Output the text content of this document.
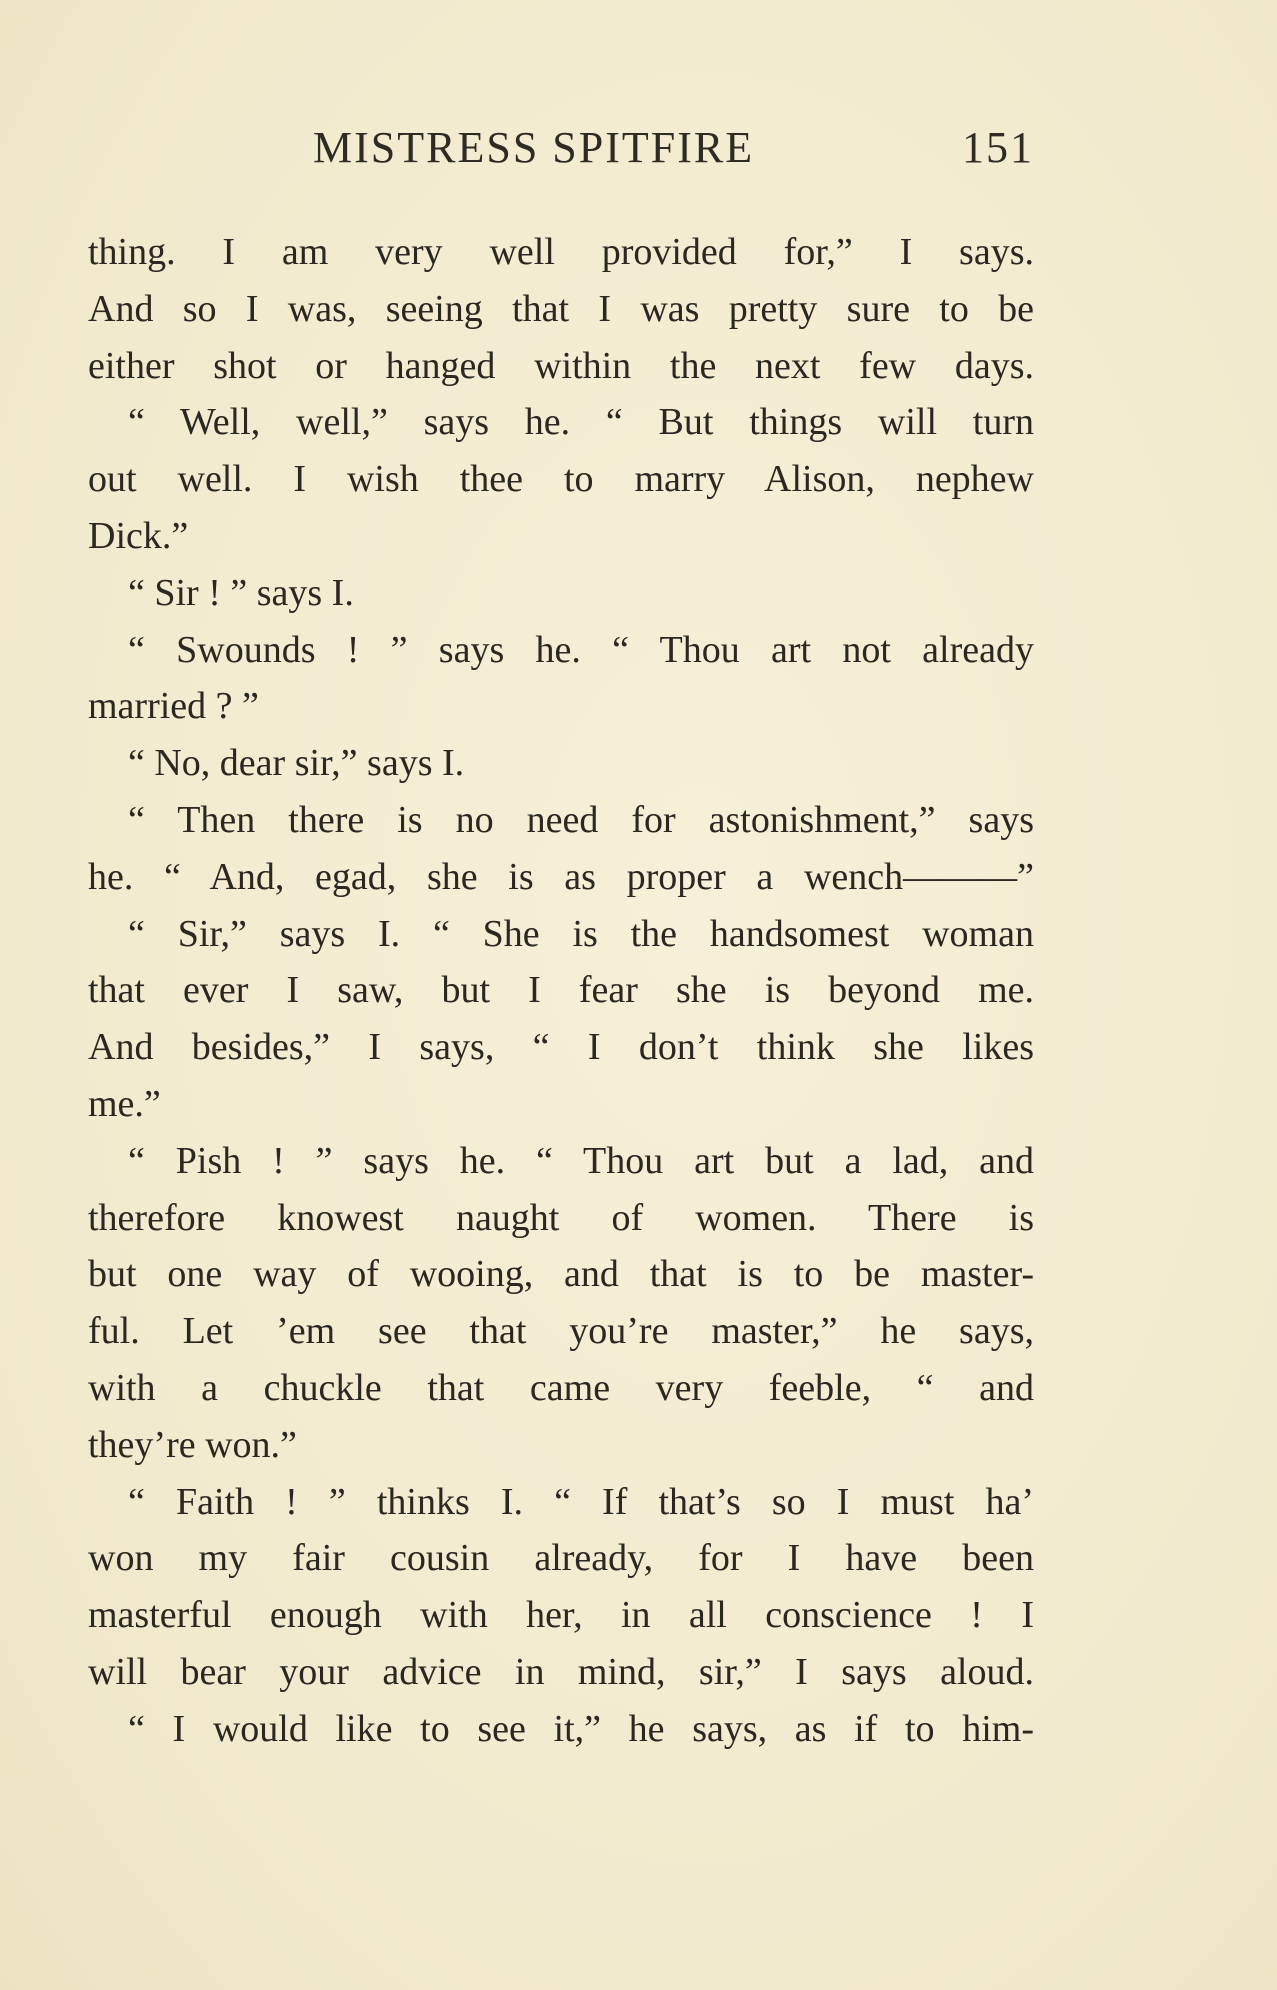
MISTRESS SPITFIRE	151
thing. I am very well provided for,” I says.
And so I was, seeing that I was pretty sure to be
either shot or hanged within the next few days.
“ Well, well,” says he. “ But things will turn
out well. I wish thee to marry Alison, nephew
Dick.”
“ Sir ! ” says I.
“ Swounds ! ” says he. “ Thou art not already
married ? ”
“ No, dear sir,” says I.
“ Then there is no need for astonishment,” says
he. “ And, egad, she is as proper a wench———”
“ Sir,” says I. “ She is the handsomest woman
that ever I saw, but I fear she is beyond me.
And besides,” I says, “ I don’t think she likes
me.”
“ Pish ! ” says he. “ Thou art but a lad, and
therefore knowest naught of women. There is
but one way of wooing, and that is to be master-
ful. Let ’em see that you’re master,” he says,
with a chuckle that came very feeble, “ and
they’re won.”
“ Faith ! ” thinks I. “ If that’s so I must ha’
won my fair cousin already, for I have been
masterful enough with her, in all conscience ! I
will bear your advice in mind, sir,” I says aloud.
“ I would like to see it,” he says, as if to him-
